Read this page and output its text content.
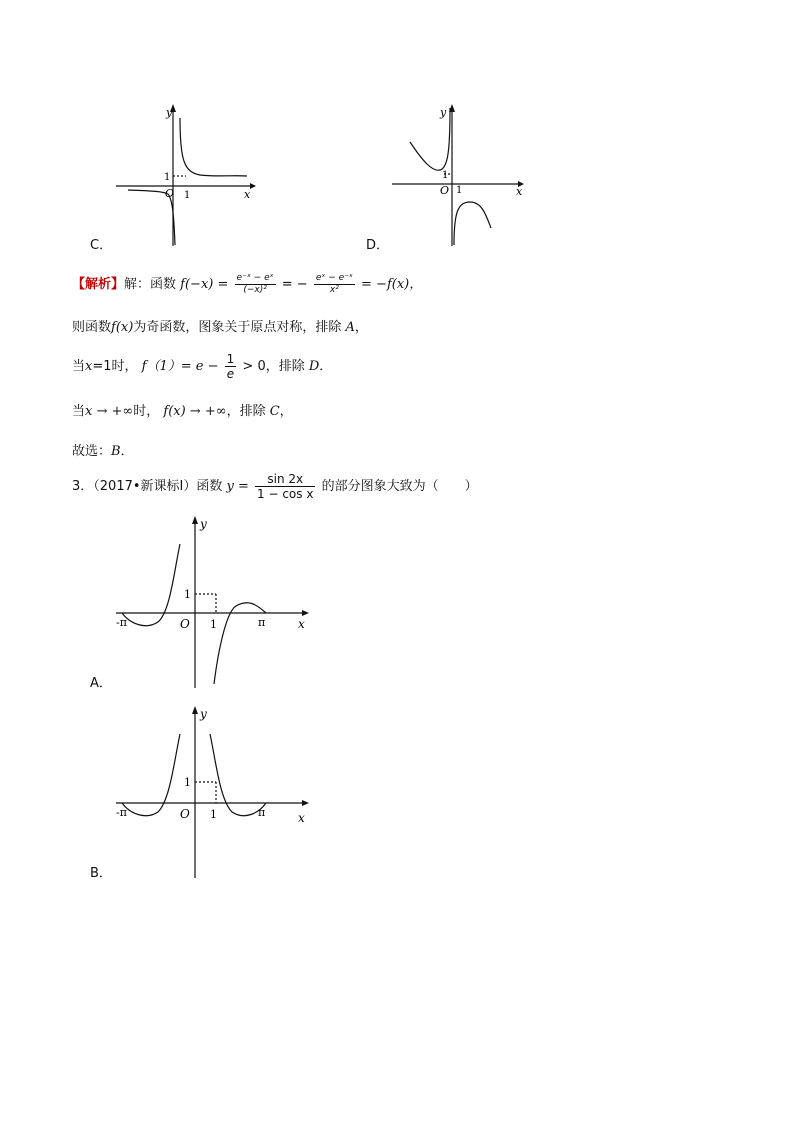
y
x
O
1
1
C．
y
x
O
1
1
D．
【解析】解：函数 $f(-x) = \frac{\text{e⁻ˣ − eˣ}}{\text{(−x)²}}$ = − $\frac{\text{eˣ − e⁻ˣ}}{\text{x²}} = -f(x)$，
则函数f(x)为奇函数，图象关于原点对称，排除 A，
当x=1时， $f(1)= e - \frac{1}{e} > 0$，排除 D．
当x → +∞时， f(x) → +∞，排除 C，
故选：B．
3．（2017•新课标Ⅰ）函数 $y = \frac{\sin 2x}{\text{1 − cos x}}$ 的部分图象大致为（　　）
y
x
O
1
1
-π	π
A．
y
x
O
1
1
-π	π
B．
